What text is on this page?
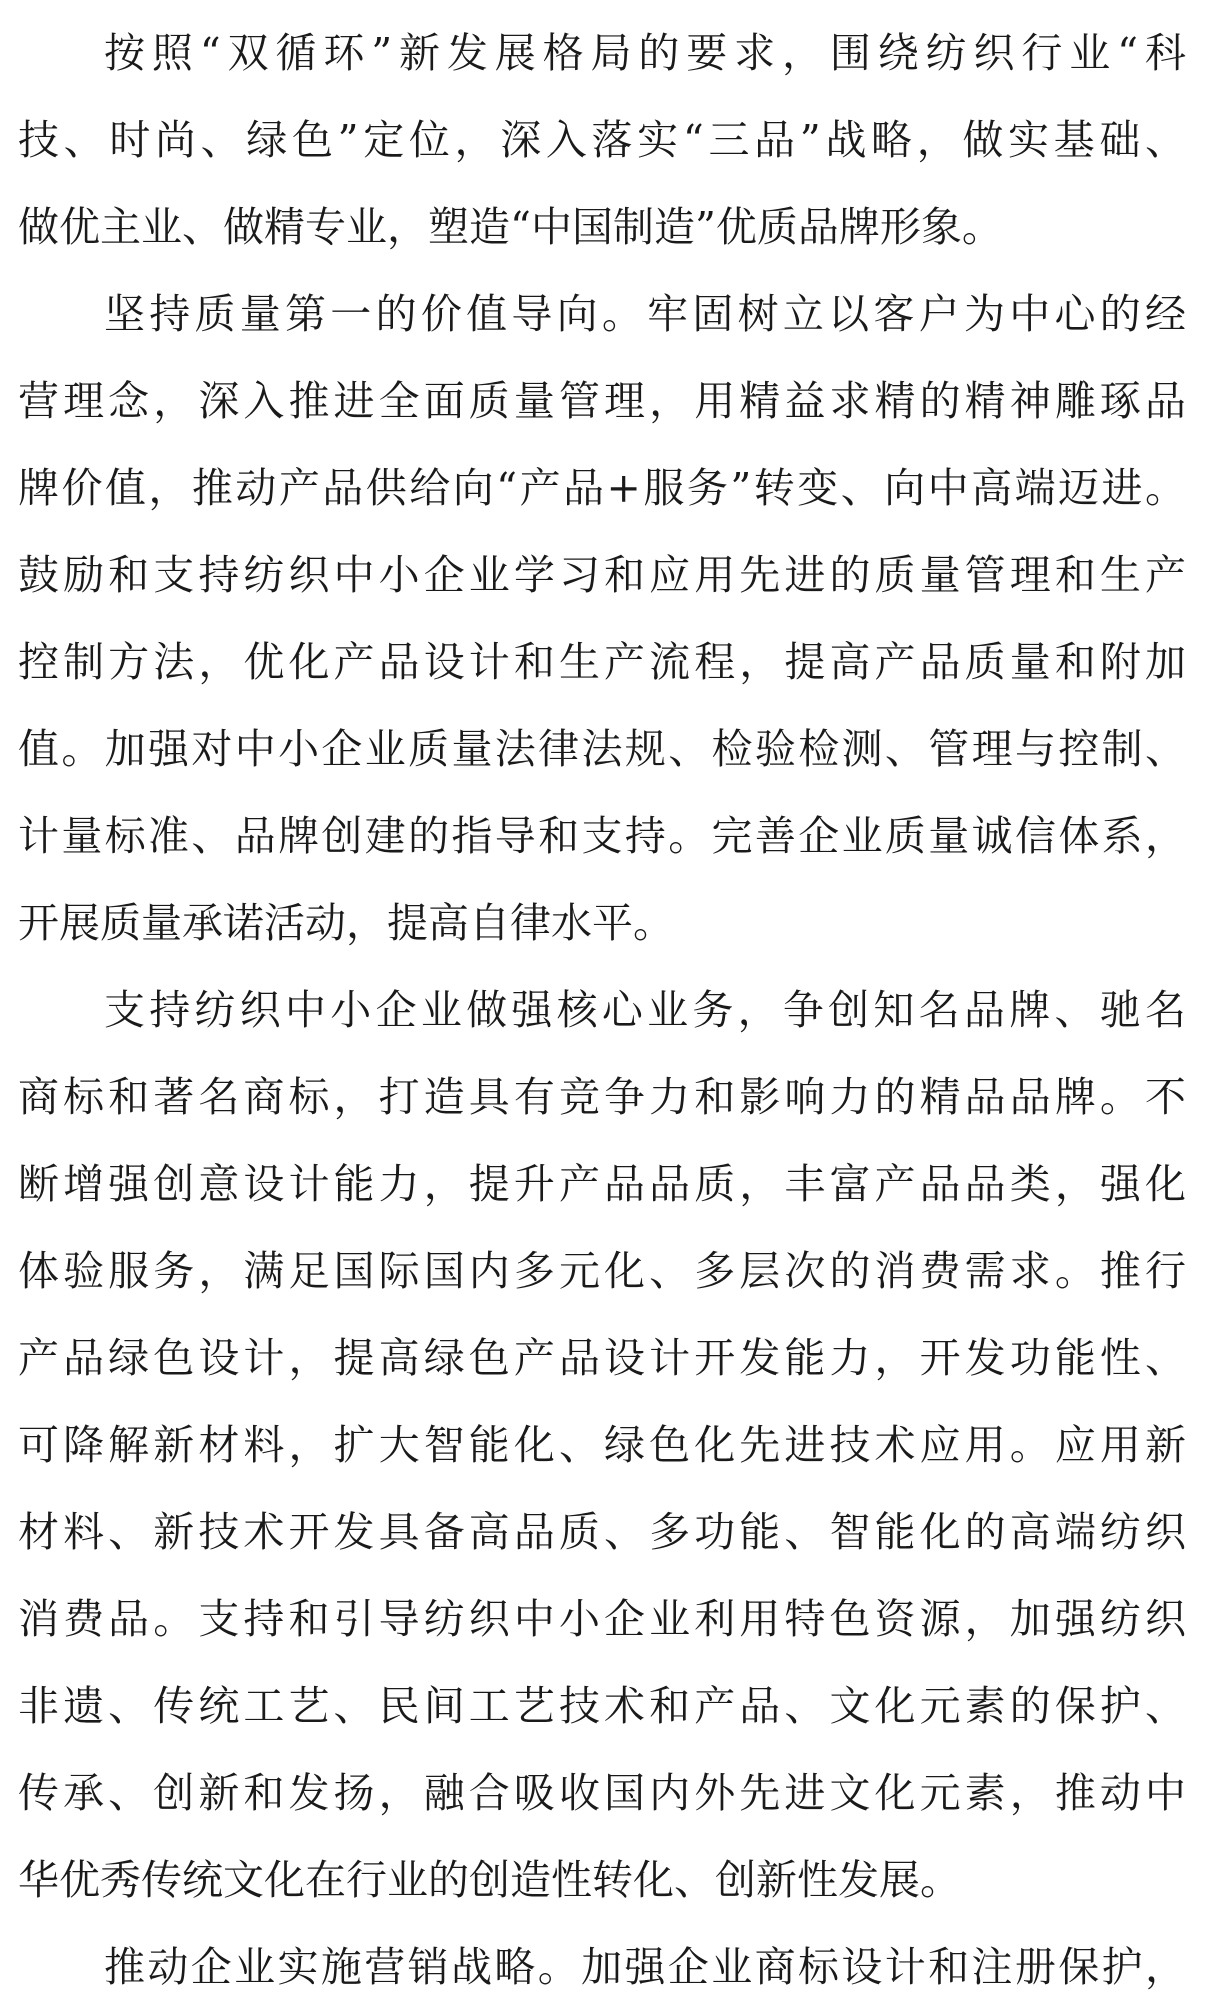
按照“双循环”新发展格局的要求，围绕纺织行业“科
技、时尚、绿色”定位，深入落实“三品”战略，做实基础、
做优主业、做精专业，塑造“中国制造”优质品牌形象。
坚持质量第一的价值导向。牢固树立以客户为中心的经
营理念，深入推进全面质量管理，用精益求精的精神雕琢品
牌价值，推动产品供给向“产品+服务”转变、向中高端迈进。
鼓励和支持纺织中小企业学习和应用先进的质量管理和生产
控制方法，优化产品设计和生产流程，提高产品质量和附加
值。加强对中小企业质量法律法规、检验检测、管理与控制、
计量标准、品牌创建的指导和支持。完善企业质量诚信体系，
开展质量承诺活动，提高自律水平。
支持纺织中小企业做强核心业务，争创知名品牌、驰名
商标和著名商标，打造具有竞争力和影响力的精品品牌。不
断增强创意设计能力，提升产品品质，丰富产品品类，强化
体验服务，满足国际国内多元化、多层次的消费需求。推行
产品绿色设计，提高绿色产品设计开发能力，开发功能性、
可降解新材料，扩大智能化、绿色化先进技术应用。应用新
材料、新技术开发具备高品质、多功能、智能化的高端纺织
消费品。支持和引导纺织中小企业利用特色资源，加强纺织
非遗、传统工艺、民间工艺技术和产品、文化元素的保护、
传承、创新和发扬，融合吸收国内外先进文化元素，推动中
华优秀传统文化在行业的创造性转化、创新性发展。
推动企业实施营销战略。加强企业商标设计和注册保护，
